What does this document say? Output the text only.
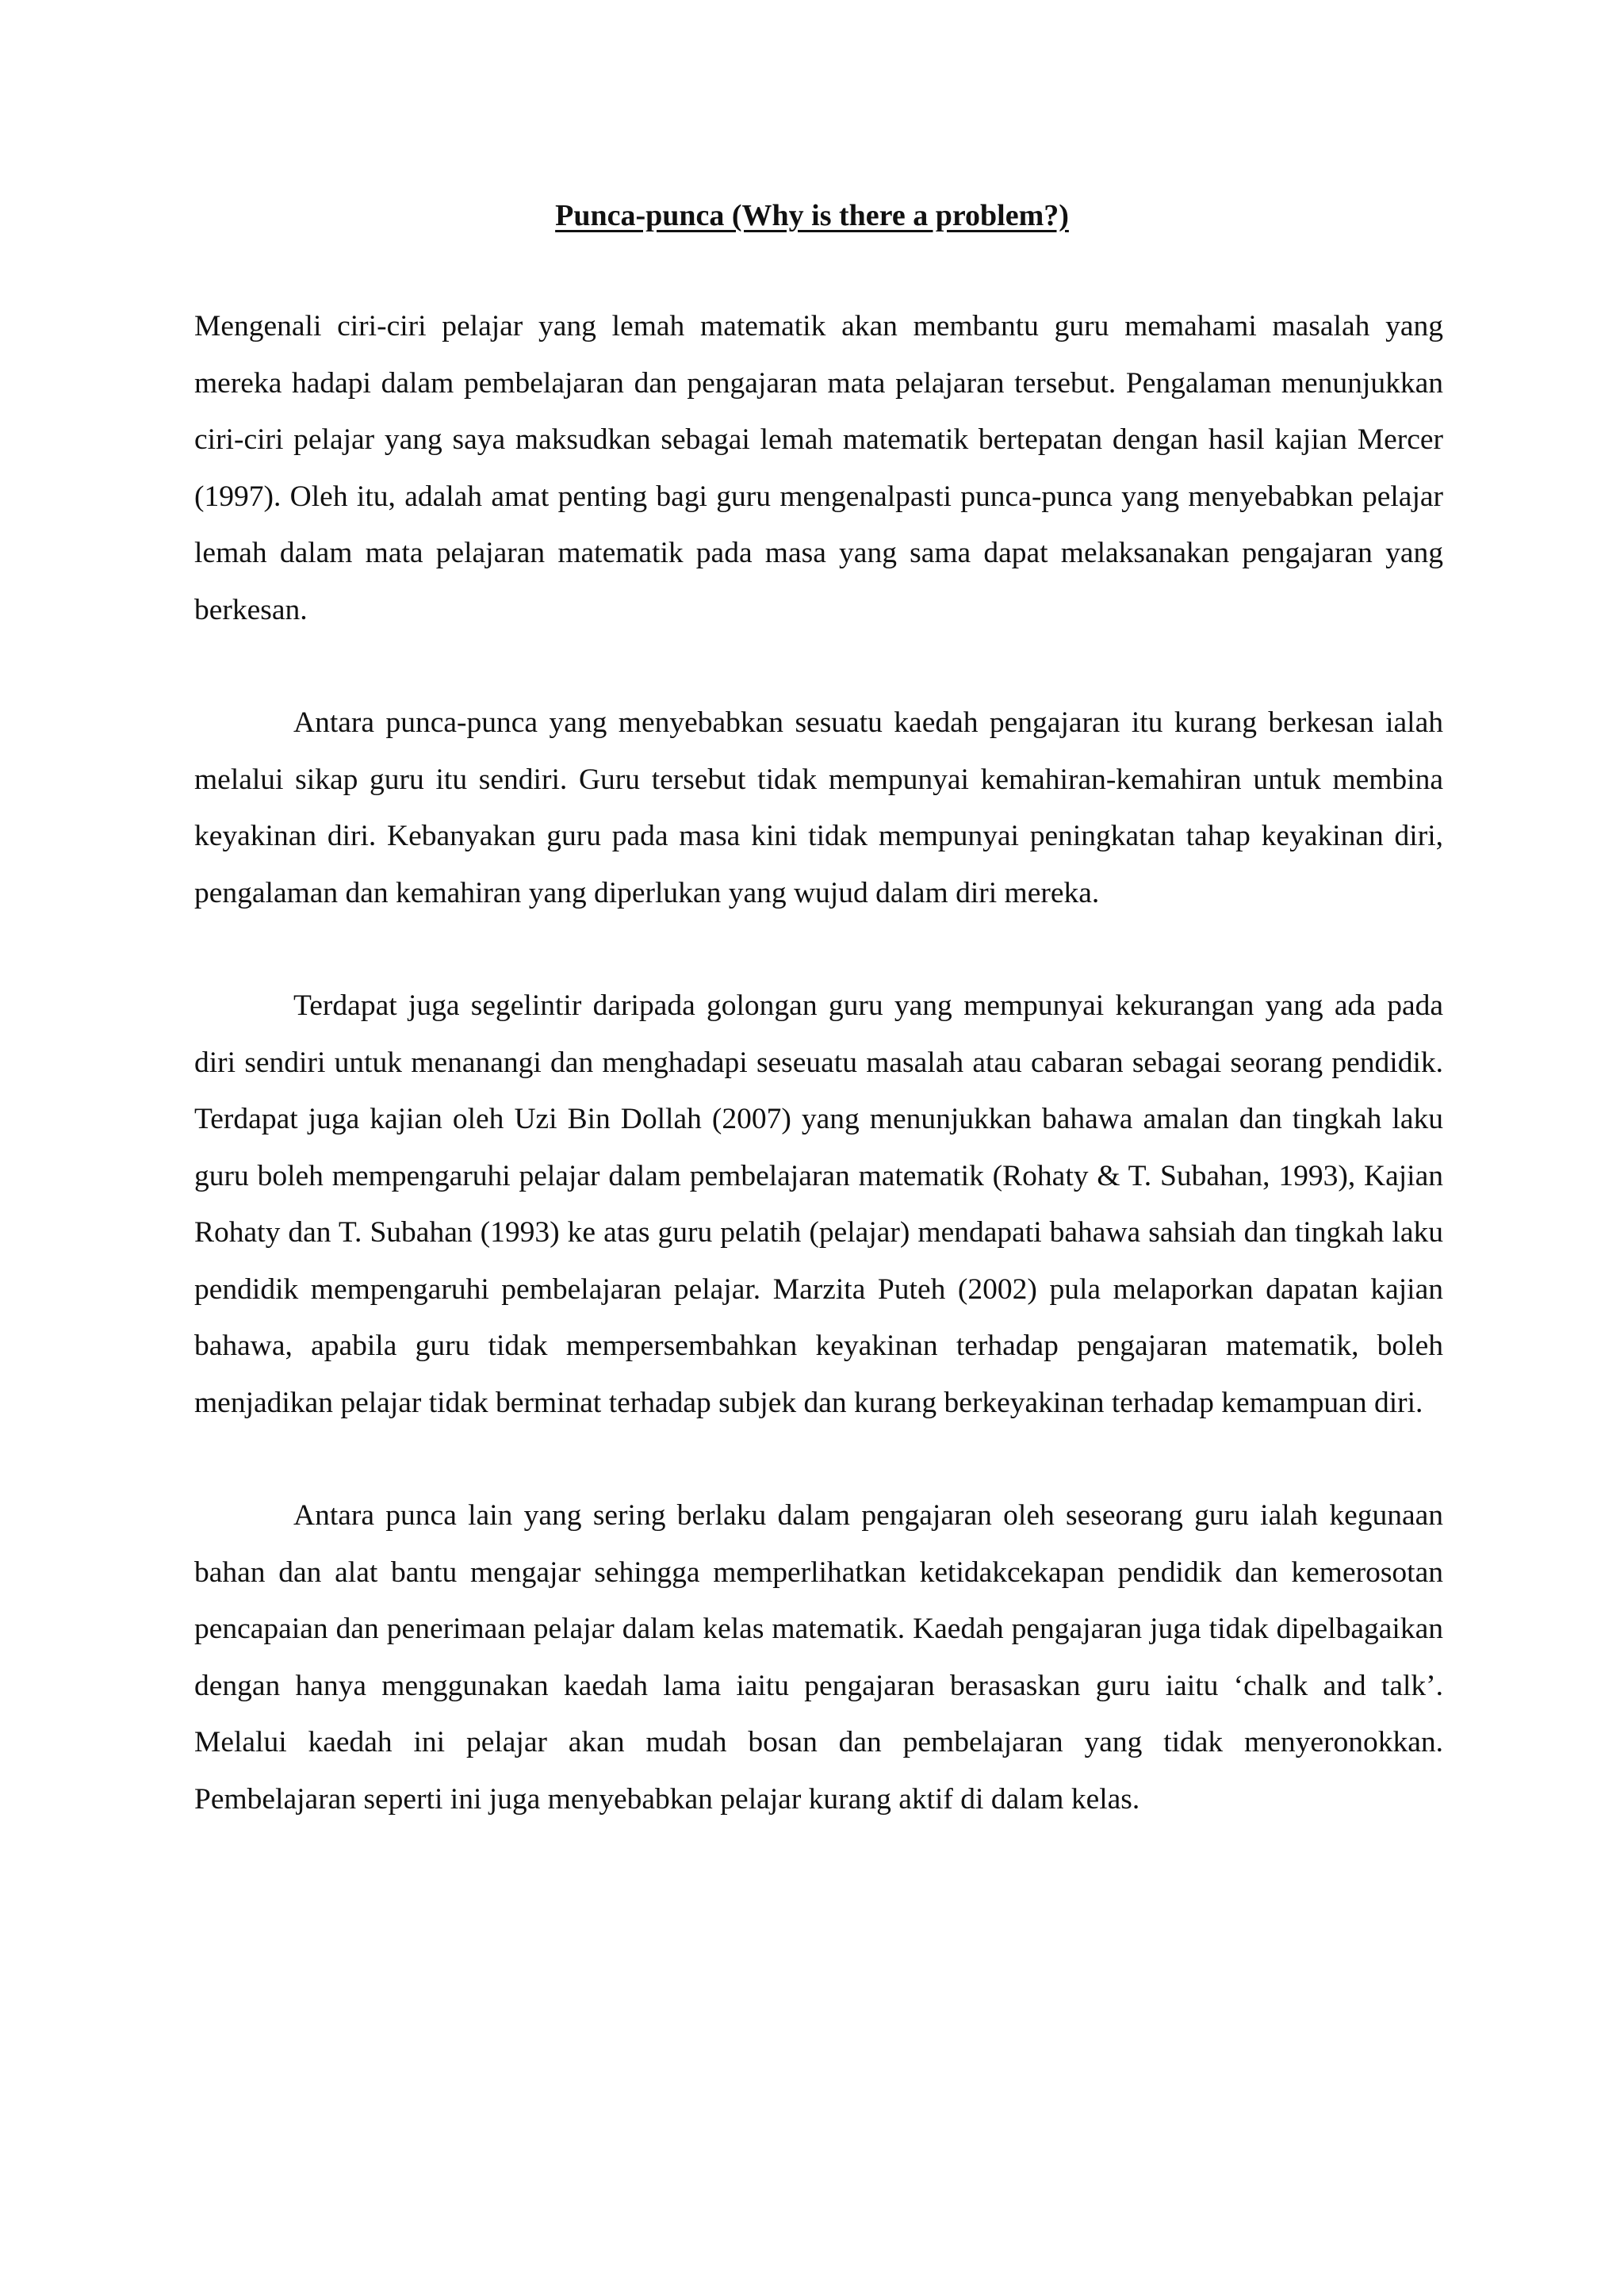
Punca-punca (Why is there a problem?)

Mengenali ciri-ciri pelajar yang lemah matematik akan membantu guru memahami masalah yang mereka hadapi dalam pembelajaran dan pengajaran mata pelajaran tersebut. Pengalaman menunjukkan ciri-ciri pelajar yang saya maksudkan sebagai lemah matematik bertepatan dengan hasil kajian Mercer (1997). Oleh itu, adalah amat penting bagi guru mengenalpasti punca-punca yang menyebabkan pelajar lemah dalam mata pelajaran matematik pada masa yang sama dapat melaksanakan pengajaran yang berkesan.

Antara punca-punca yang menyebabkan sesuatu kaedah pengajaran itu kurang berkesan ialah melalui sikap guru itu sendiri. Guru tersebut tidak mempunyai kemahiran-kemahiran untuk membina keyakinan diri. Kebanyakan guru pada masa kini tidak mempunyai peningkatan tahap keyakinan diri, pengalaman dan kemahiran yang diperlukan yang wujud dalam diri mereka.

Terdapat juga segelintir daripada golongan guru yang mempunyai kekurangan yang ada pada diri sendiri untuk menanangi dan menghadapi seseuatu masalah atau cabaran sebagai seorang pendidik. Terdapat juga kajian oleh Uzi Bin Dollah (2007) yang menunjukkan bahawa amalan dan tingkah laku guru boleh mempengaruhi pelajar dalam pembelajaran matematik (Rohaty & T. Subahan, 1993), Kajian Rohaty dan T. Subahan (1993) ke atas guru pelatih (pelajar) mendapati bahawa sahsiah dan tingkah laku pendidik mempengaruhi pembelajaran pelajar. Marzita Puteh (2002) pula melaporkan dapatan kajian bahawa, apabila guru tidak mempersembahkan keyakinan terhadap pengajaran matematik, boleh menjadikan pelajar tidak berminat terhadap subjek dan kurang berkeyakinan terhadap kemampuan diri.

Antara punca lain yang sering berlaku dalam pengajaran oleh seseorang guru ialah kegunaan bahan dan alat bantu mengajar sehingga memperlihatkan ketidakcekapan pendidik dan kemerosotan pencapaian dan penerimaan pelajar dalam kelas matematik. Kaedah pengajaran juga tidak dipelbagaikan dengan hanya menggunakan kaedah lama iaitu pengajaran berasaskan guru iaitu ‘chalk and talk’. Melalui kaedah ini pelajar akan mudah bosan dan pembelajaran yang tidak menyeronokkan. Pembelajaran seperti ini juga menyebabkan pelajar kurang aktif di dalam kelas.
